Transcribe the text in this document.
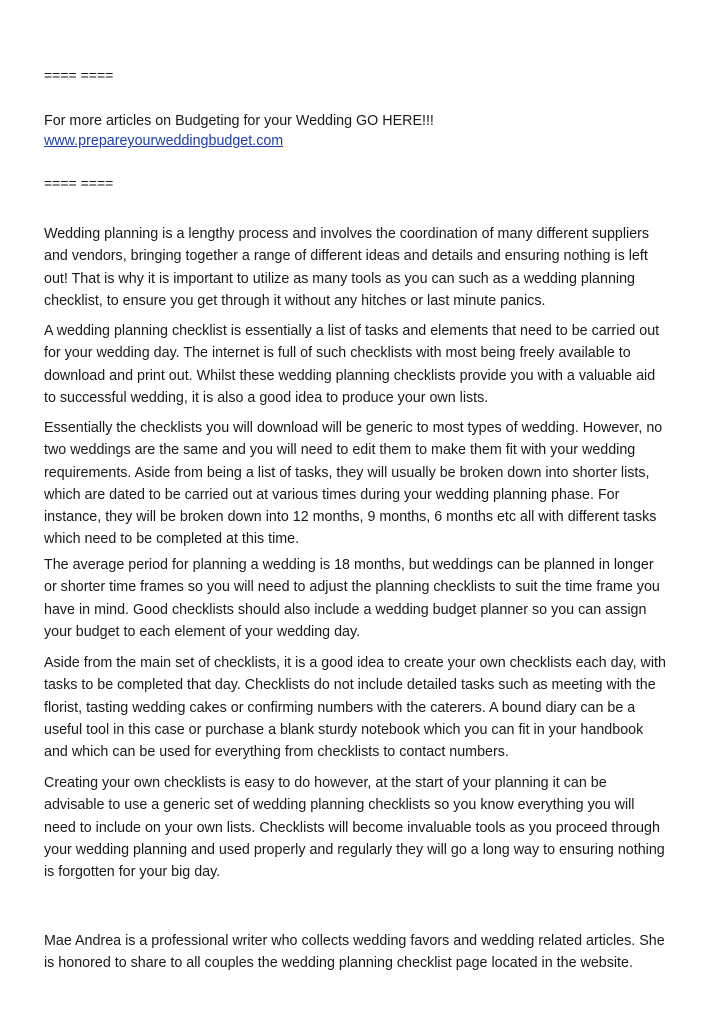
==== ====
For more articles on Budgeting for your Wedding GO HERE!!!
www.prepareyourweddingbudget.com
==== ====
Wedding planning is a lengthy process and involves the coordination of many different suppliers
and vendors, bringing together a range of different ideas and details and ensuring nothing is left
out! That is why it is important to utilize as many tools as you can such as a wedding planning
checklist, to ensure you get through it without any hitches or last minute panics.
A wedding planning checklist is essentially a list of tasks and elements that need to be carried out
for your wedding day. The internet is full of such checklists with most being freely available to
download and print out. Whilst these wedding planning checklists provide you with a valuable aid
to successful wedding, it is also a good idea to produce your own lists.
Essentially the checklists you will download will be generic to most types of wedding. However, no
two weddings are the same and you will need to edit them to make them fit with your wedding
requirements. Aside from being a list of tasks, they will usually be broken down into shorter lists,
which are dated to be carried out at various times during your wedding planning phase. For
instance, they will be broken down into 12 months, 9 months, 6 months etc all with different tasks
which need to be completed at this time.
The average period for planning a wedding is 18 months, but weddings can be planned in longer
or shorter time frames so you will need to adjust the planning checklists to suit the time frame you
have in mind. Good checklists should also include a wedding budget planner so you can assign
your budget to each element of your wedding day.
Aside from the main set of checklists, it is a good idea to create your own checklists each day, with
tasks to be completed that day. Checklists do not include detailed tasks such as meeting with the
florist, tasting wedding cakes or confirming numbers with the caterers. A bound diary can be a
useful tool in this case or purchase a blank sturdy notebook which you can fit in your handbook
and which can be used for everything from checklists to contact numbers.
Creating your own checklists is easy to do however, at the start of your planning it can be
advisable to use a generic set of wedding planning checklists so you know everything you will
need to include on your own lists. Checklists will become invaluable tools as you proceed through
your wedding planning and used properly and regularly they will go a long way to ensuring nothing
is forgotten for your big day.
Mae Andrea is a professional writer who collects wedding favors and wedding related articles. She
is honored to share to all couples the wedding planning checklist page located in the website.
